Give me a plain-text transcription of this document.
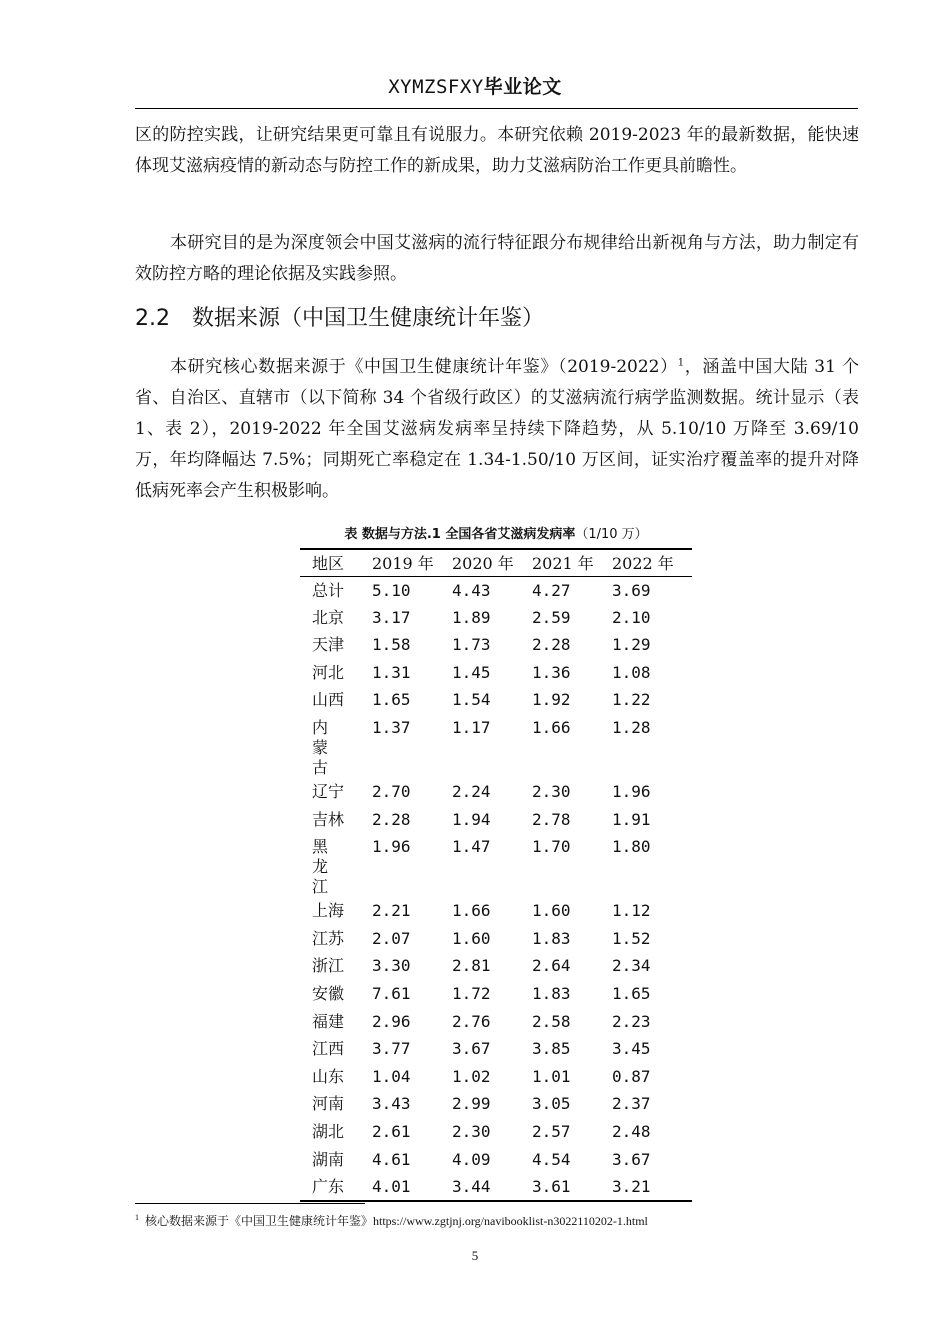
XYMZSFXY毕业论文

区的防控实践，让研究结果更可靠且有说服力。本研究依赖 2019-2023 年的最新数据，能快速体现艾滋病疫情的新动态与防控工作的新成果，助力艾滋病防治工作更具前瞻性。

本研究目的是为深度领会中国艾滋病的流行特征跟分布规律给出新视角与方法，助力制定有效防控方略的理论依据及实践参照。

2.2 数据来源（中国卫生健康统计年鉴）

本研究核心数据来源于《中国卫生健康统计年鉴》（2019-2022）$^1$，涵盖中国大陆 31 个省、自治区、直辖市（以下简称 34 个省级行政区）的艾滋病流行病学监测数据。统计显示（表 1、表 2），2019-2022 年全国艾滋病发病率呈持续下降趋势，从 5.10/10 万降至 3.69/10 万，年均降幅达 7.5%；同期死亡率稳定在 1.34-1.50/10 万区间，证实治疗覆盖率的提升对降低病死率会产生积极影响。

表 数据与方法.1 全国各省艾滋病发病率（1/10 万）
地区	2019 年	2020 年	2021 年	2022 年
总计	5.10	4.43	4.27	3.69
北京	3.17	1.89	2.59	2.10
天津	1.58	1.73	2.28	1.29
河北	1.31	1.45	1.36	1.08
山西	1.65	1.54	1.92	1.22
内蒙古	1.37	1.17	1.66	1.28
辽宁	2.70	2.24	2.30	1.96
吉林	2.28	1.94	2.78	1.91
黑龙江	1.96	1.47	1.70	1.80
上海	2.21	1.66	1.60	1.12
江苏	2.07	1.60	1.83	1.52
浙江	3.30	2.81	2.64	2.34
安徽	7.61	1.72	1.83	1.65
福建	2.96	2.76	2.58	2.23
江西	3.77	3.67	3.85	3.45
山东	1.04	1.02	1.01	0.87
河南	3.43	2.99	3.05	2.37
湖北	2.61	2.30	2.57	2.48
湖南	4.61	4.09	4.54	3.67
广东	4.01	3.44	3.61	3.21
$^1$ 核心数据来源于《中国卫生健康统计年鉴》https://www.zgtjnj.org/navibooklist-n3022110202-1.html
5
